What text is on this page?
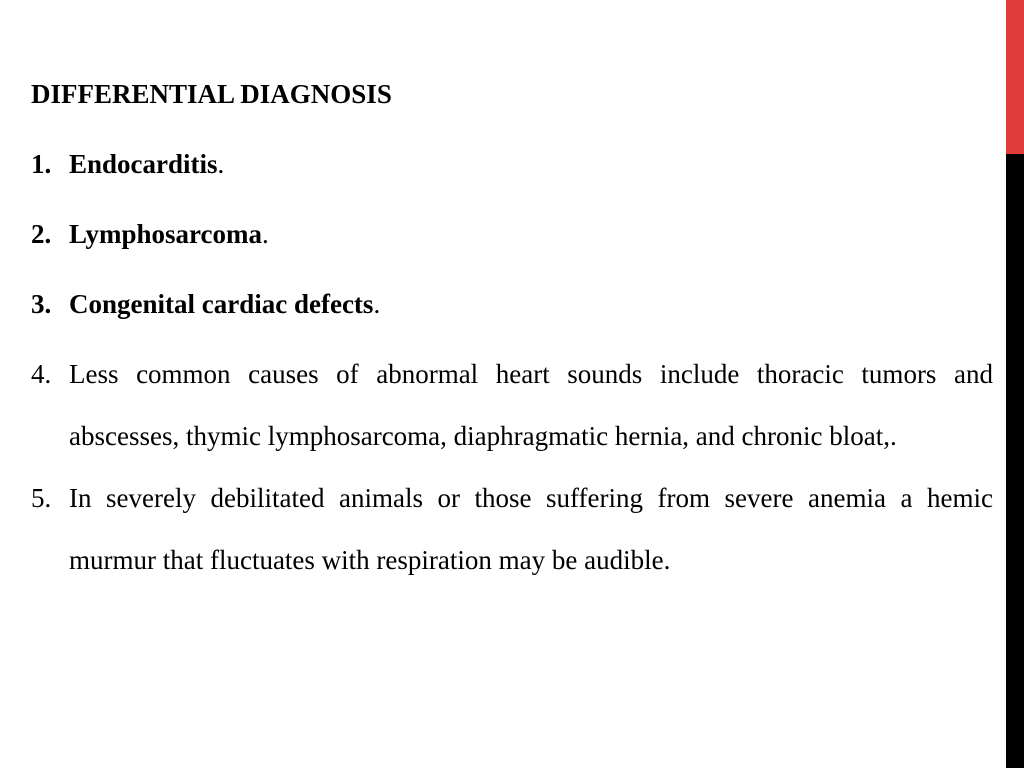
DIFFERENTIAL DIAGNOSIS
1. Endocarditis.
2. Lymphosarcoma.
3. Congenital cardiac defects.
4. Less common causes of abnormal heart sounds include thoracic tumors and abscesses, thymic lymphosarcoma, diaphragmatic hernia, and chronic bloat,.
5. In severely debilitated animals or those suffering from severe anemia a hemic murmur that fluctuates with respiration may be audible.
